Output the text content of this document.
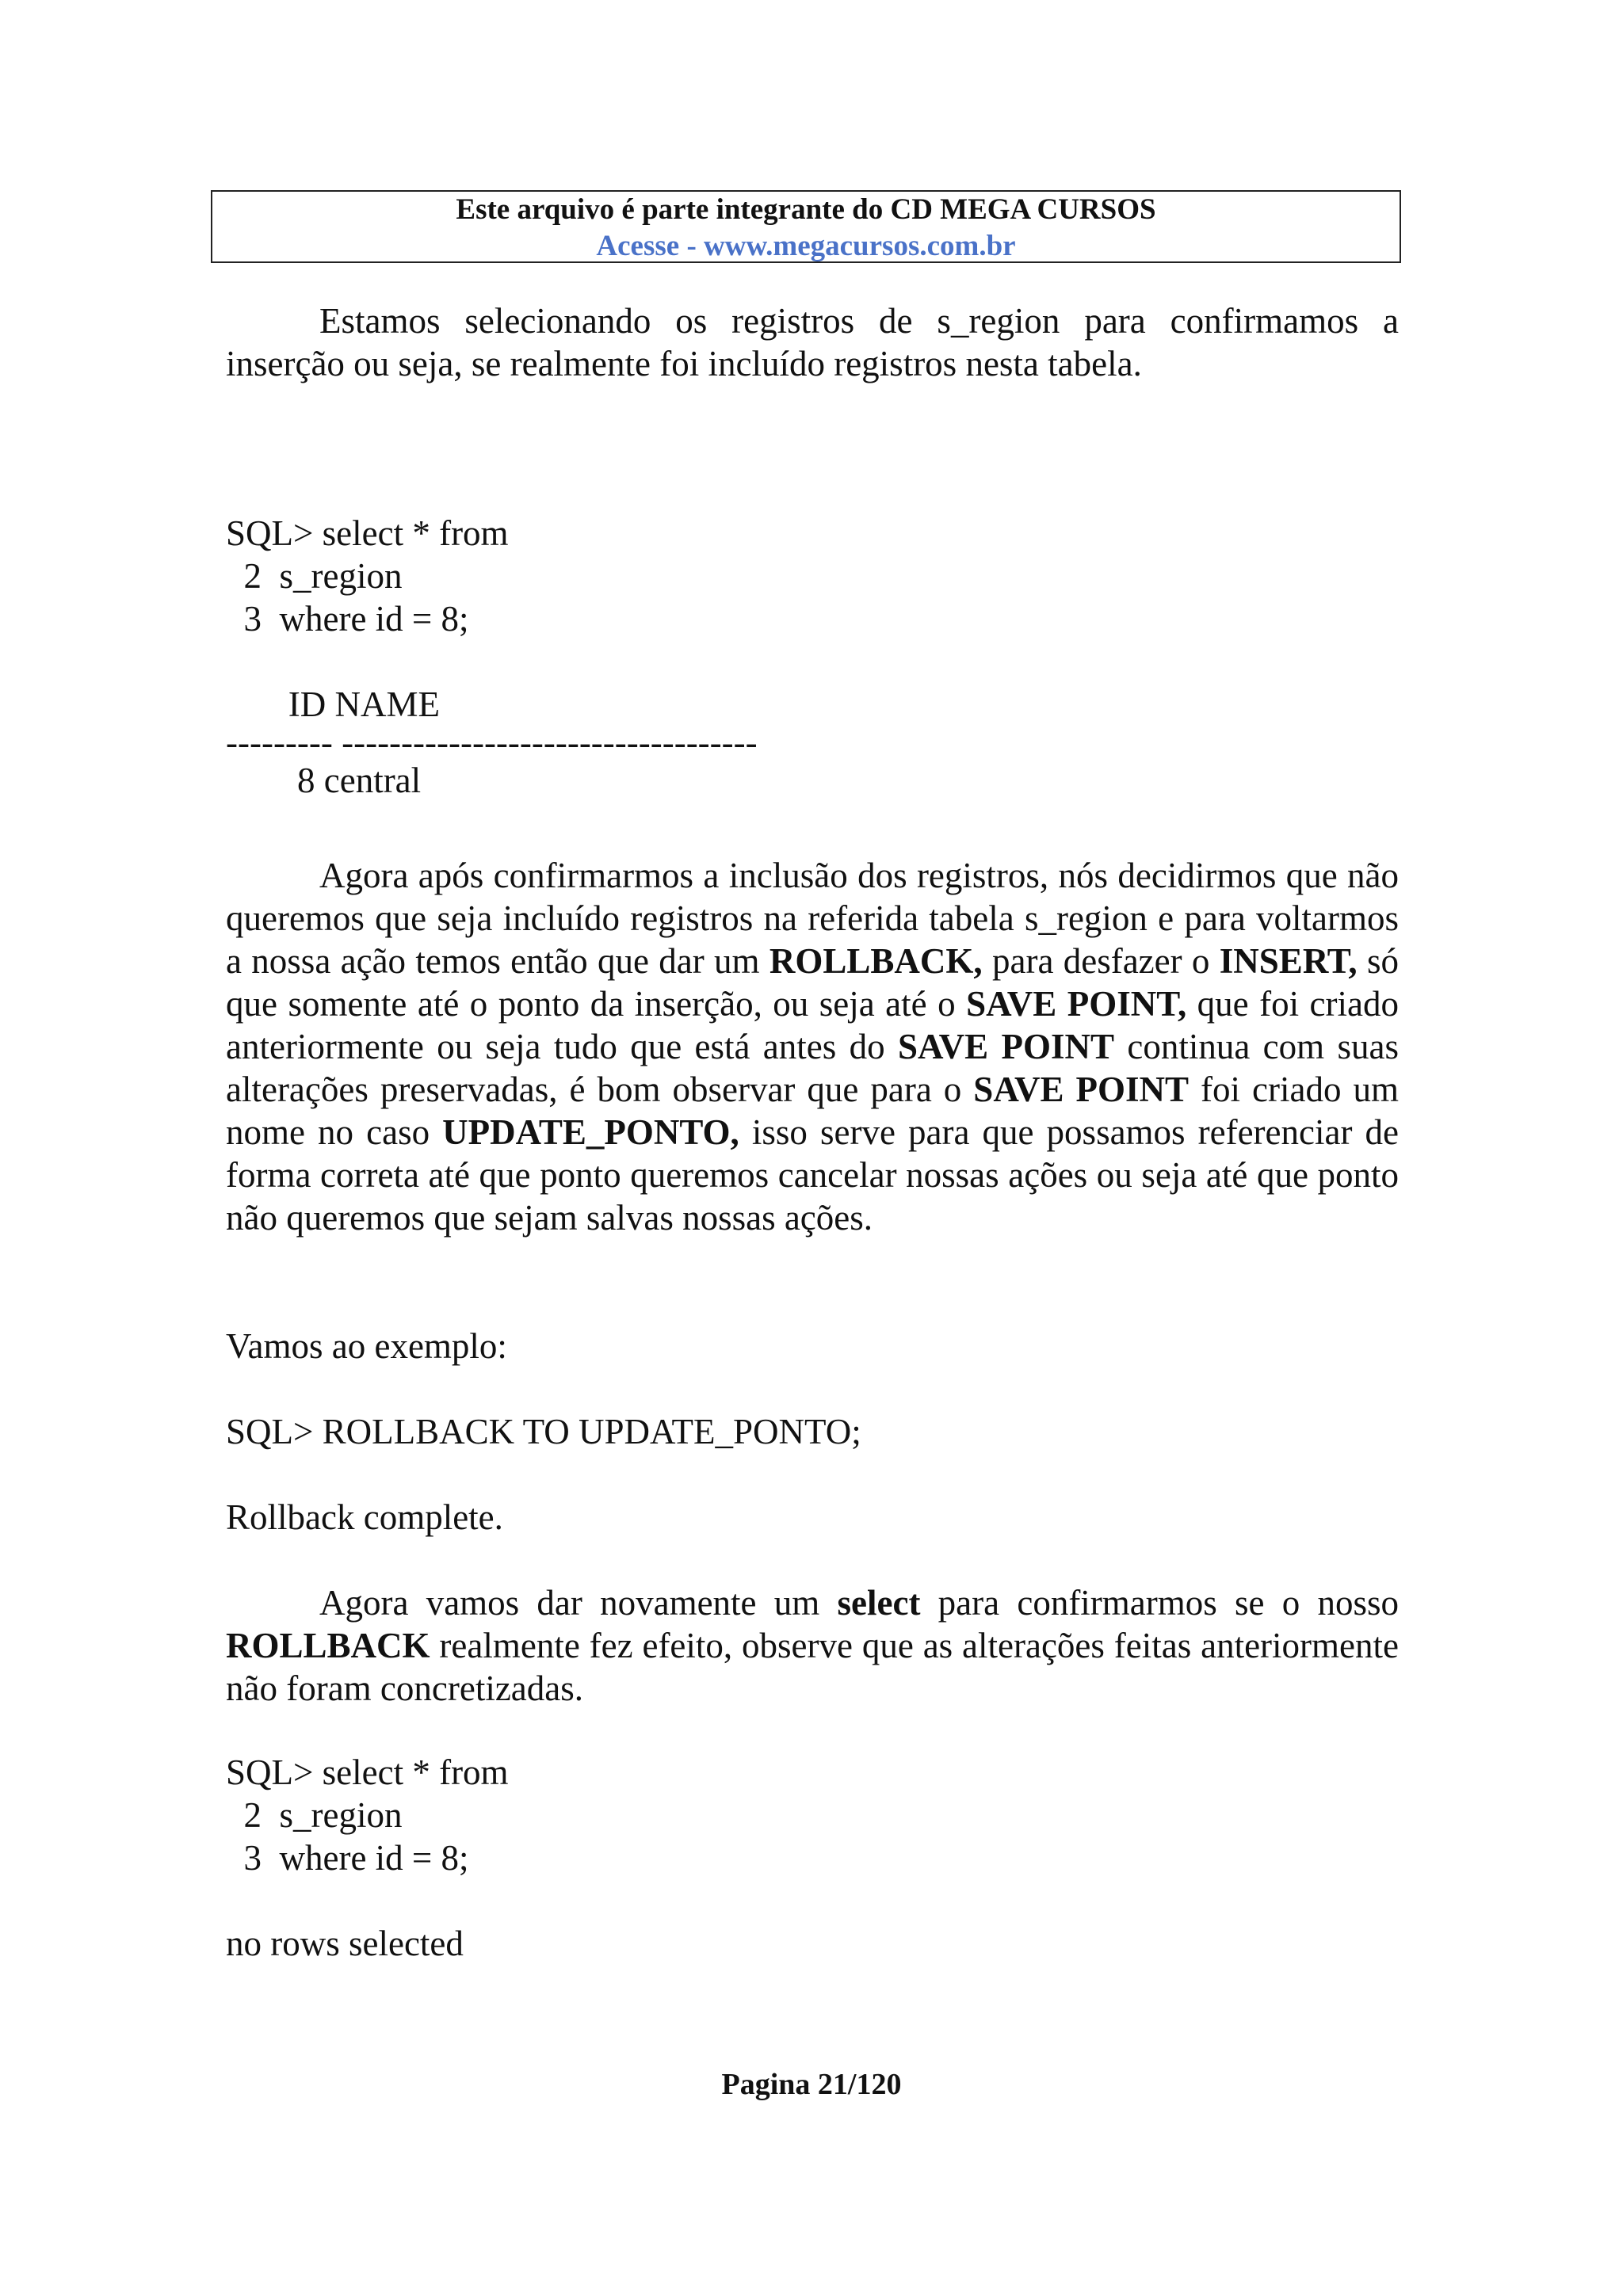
Este arquivo é parte integrante do CD MEGA CURSOS
Acesse - www.megacursos.com.br
Estamos selecionando os registros de s_region para confirmamos a inserção ou seja, se realmente foi incluído registros nesta tabela.
SQL> select * from
2  s_region
3  where id = 8;
ID NAME
--------- -----------------------------------
8 central
Agora após confirmarmos a inclusão dos registros, nós decidirmos que não queremos que seja incluído registros na referida tabela s_region e para voltarmos a nossa ação temos então que dar um ROLLBACK, para desfazer o INSERT, só que somente até o ponto da inserção, ou seja até o SAVE POINT, que foi criado anteriormente ou seja tudo que está antes do SAVE POINT continua com suas alterações preservadas, é bom observar que para o SAVE POINT foi criado um nome no caso UPDATE_PONTO, isso serve para que possamos referenciar de forma correta até que ponto queremos cancelar nossas ações ou seja até que ponto não queremos que sejam salvas nossas ações.
Vamos ao exemplo:
SQL> ROLLBACK TO UPDATE_PONTO;
Rollback complete.
Agora vamos dar novamente um select para confirmarmos se o nosso ROLLBACK realmente fez efeito, observe que as alterações feitas anteriormente não foram concretizadas.
SQL> select * from
2  s_region
3  where id = 8;
no rows selected
Pagina 21/120
